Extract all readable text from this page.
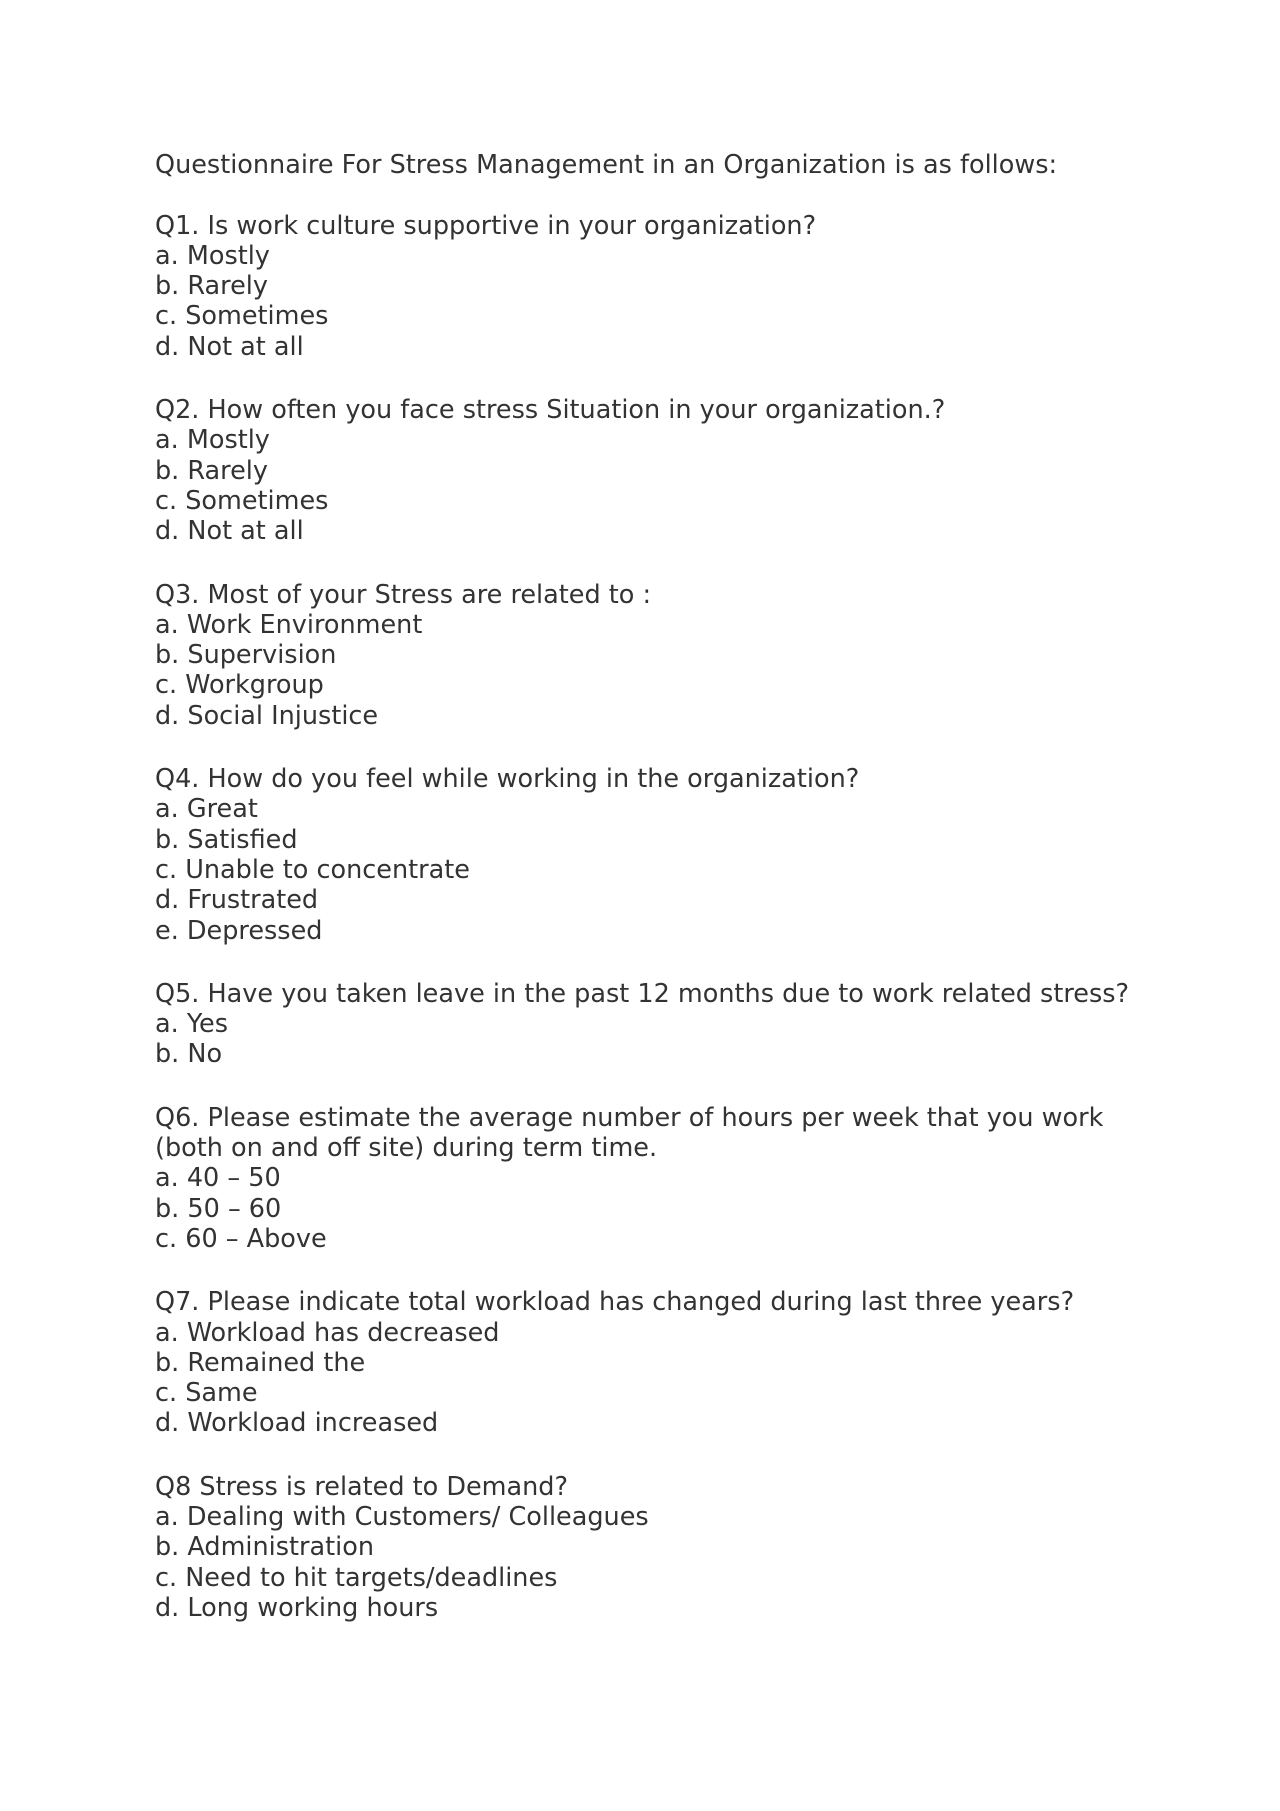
Questionnaire For Stress Management in an Organization is as follows:

Q1. Is work culture supportive in your organization?

a. Mostly

b. Rarely

c. Sometimes

d. Not at all

Q2. How often you face stress Situation in your organization.?

a. Mostly

b. Rarely

c. Sometimes

d. Not at all

Q3. Most of your Stress are related to :

a. Work Environment

b. Supervision

c. Workgroup

d. Social Injustice

Q4. How do you feel while working in the organization?

a. Great

b. Satisfied

c. Unable to concentrate

d. Frustrated

e. Depressed

Q5. Have you taken leave in the past 12 months due to work related stress?

a. Yes

b. No

Q6. Please estimate the average number of hours per week that you work (both on and off site) during term time.

a. 40 – 50

b. 50 – 60

c. 60 – Above

Q7. Please indicate total workload has changed during last three years?

a. Workload has decreased

b. Remained the

c. Same

d. Workload increased

Q8 Stress is related to Demand?

a. Dealing with Customers/ Colleagues

b. Administration

c. Need to hit targets/deadlines

d. Long working hours
